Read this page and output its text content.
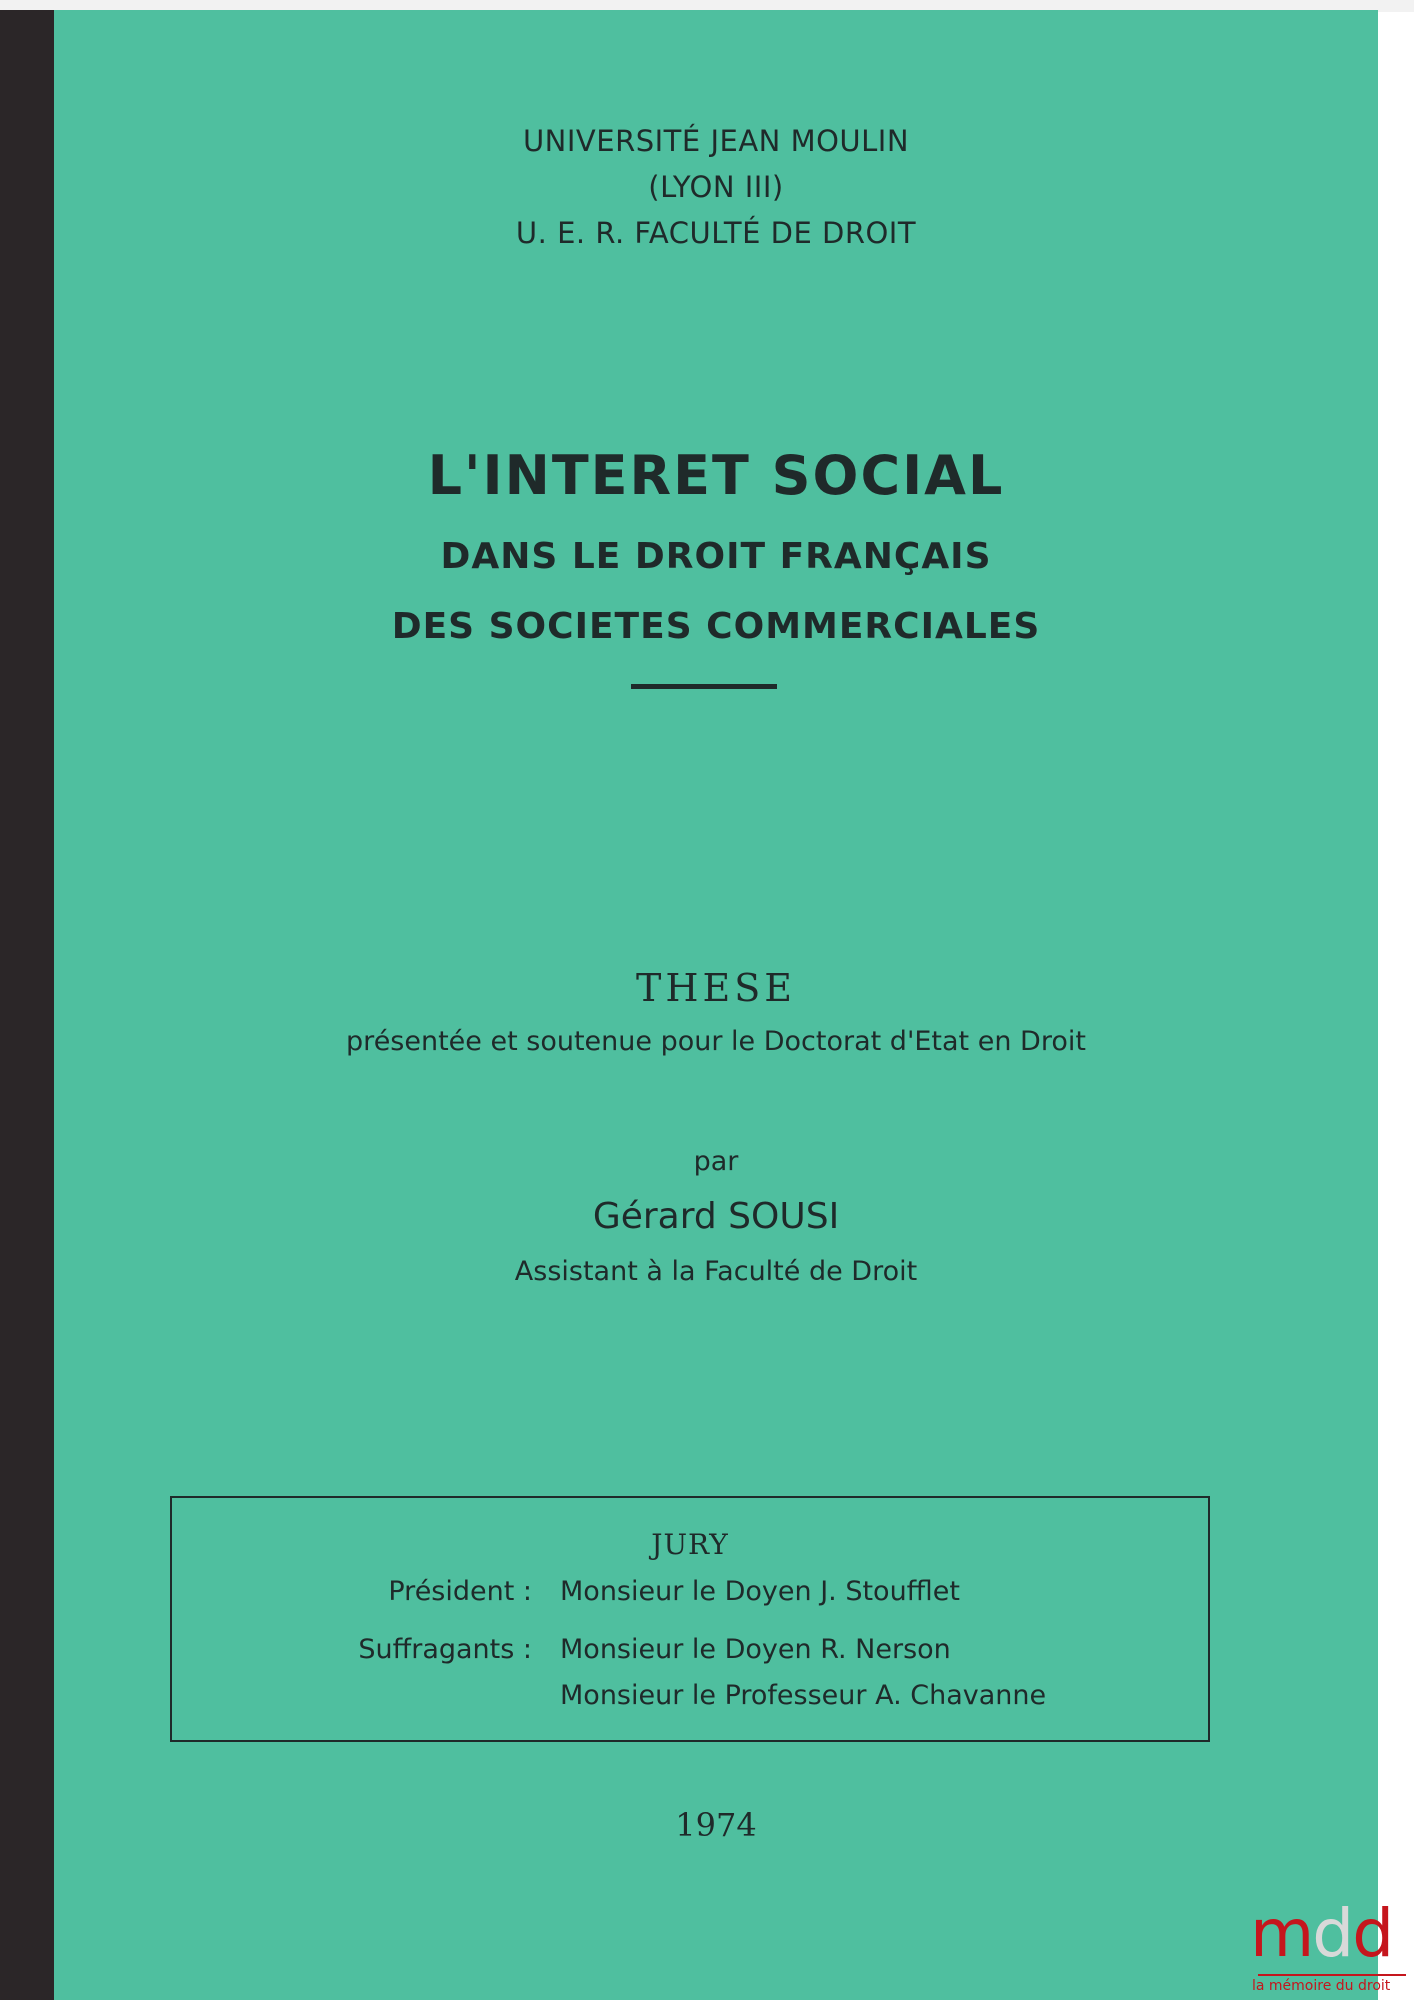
UNIVERSITÉ JEAN MOULIN
(LYON III)
U. E. R. FACULTÉ DE DROIT
L'INTERET SOCIAL
DANS LE DROIT FRANÇAIS
DES SOCIETES COMMERCIALES
THESE
présentée et soutenue pour le Doctorat d'Etat en Droit
par
Gérard SOUSI
Assistant à la Faculté de Droit
JURY
Président : Monsieur le Doyen J. Stoufflet
Suffragants : Monsieur le Doyen R. Nerson
Monsieur le Professeur A. Chavanne
1974
mdd
la mémoire du droit
